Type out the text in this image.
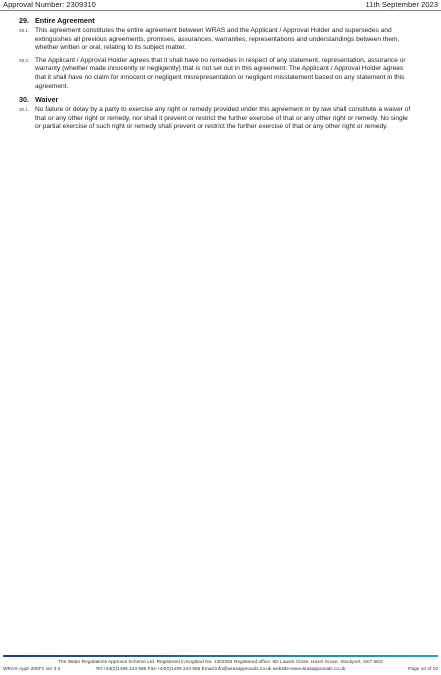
Approval Number: 2309310	11th September 2023
29. Entire Agreement
29.1. This agreement constitutes the entire agreement between WRAS and the Applicant / Approval Holder and supersedes and extinguishes all previous agreements, promises, assurances, warranties, representations and understandings between them, whether written or oral, relating to its subject matter.
29.2. The Applicant / Approval Holder agrees that it shall have no remedies in respect of any statement, representation, assurance or warranty (whether made innocently or negligently) that is not set out in this agreement. The Applicant / Approval Holder agrees that it shall have no claim for innocent or negligent misrepresentation or negligent misstatement based on any statement in this agreement.
30. Waiver
30.1. No failure or delay by a party to exercise any right or remedy provided under this agreement or by law shall constitute a waiver of that or any other right or remedy, nor shall it prevent or restrict the further exercise of that or any other right or remedy. No single or partial exercise of such right or remedy shall prevent or restrict the further exercise of that or any other right or remedy.
The Water Regulations Approval Scheme Ltd. Registered in England No. 1303284 Registered office: 6D Lowick Close, Hazel Grove, Stockport, SK7 5ED
WRAS-Appr-205F1 ver 3.0	Tel:+44(0)1495 244 666 Fax:+44(0)1495 244 665 Email:info@wrasapprovals.co.uk website:www.wrasapprovals.co.uk	Page 10 of 10
